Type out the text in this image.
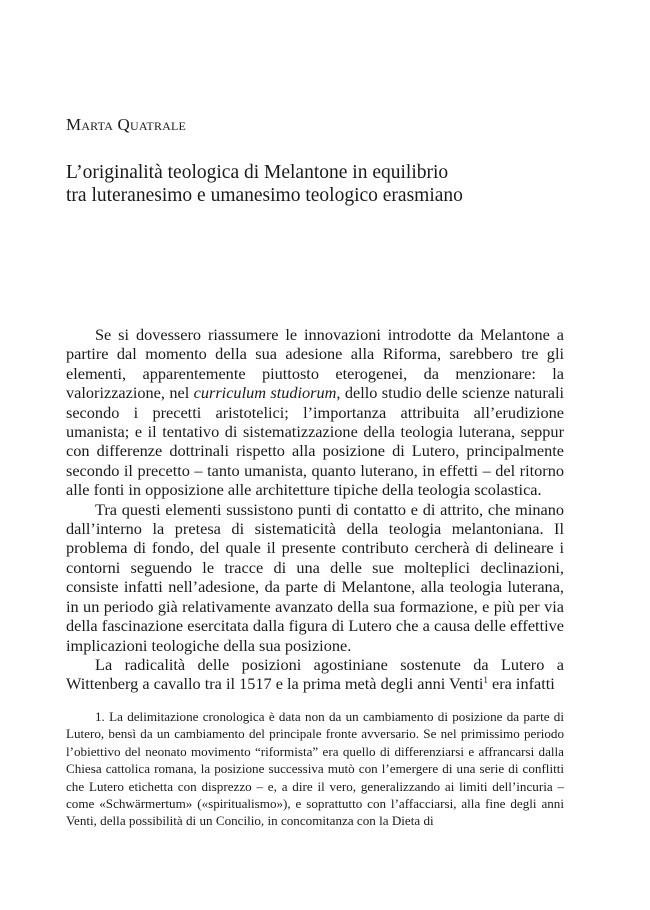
Marta Quatrale
L’originalità teologica di Melantone in equilibrio
tra luteranesimo e umanesimo teologico erasmiano

Se si dovessero riassumere le innovazioni introdotte da Melantone a partire dal momento della sua adesione alla Riforma, sarebbero tre gli elementi, apparentemente piuttosto eterogenei, da menzionare: la valorizzazione, nel curriculum studiorum, dello studio delle scienze naturali secondo i precetti aristotelici; l’importanza attribuita all’erudizione umanista; e il tentativo di sistematizzazione della teologia luterana, seppur con differenze dottrinali rispetto alla posizione di Lutero, principalmente secondo il precetto – tanto umanista, quanto luterano, in effetti – del ritorno alle fonti in opposizione alle architetture tipiche della teologia scolastica.

Tra questi elementi sussistono punti di contatto e di attrito, che minano dall’interno la pretesa di sistematicità della teologia melantoniana. Il problema di fondo, del quale il presente contributo cercherà di delineare i contorni seguendo le tracce di una delle sue molteplici declinazioni, consiste infatti nell’adesione, da parte di Melantone, alla teologia luterana, in un periodo già relativamente avanzato della sua formazione, e più per via della fascinazione esercitata dalla figura di Lutero che a causa delle effettive implicazioni teologiche della sua posizione.

La radicalità delle posizioni agostiniane sostenute da Lutero a Wittenberg a cavallo tra il 1517 e la prima metà degli anni Venti$^1$ era infatti

1. La delimitazione cronologica è data non da un cambiamento di posizione da parte di Lutero, bensì da un cambiamento del principale fronte avversario. Se nel primissimo periodo l’obiettivo del neonato movimento “riformista” era quello di differenziarsi e affrancarsi dalla Chiesa cattolica romana, la posizione successiva mutò con l’emergere di una serie di conflitti che Lutero etichetta con disprezzo – e, a dire il vero, generalizzando ai limiti dell’incuria – come «Schwärmertum» («spiritualismo»), e soprattutto con l’affacciarsi, alla fine degli anni Venti, della possibilità di un Concilio, in concomitanza con la Dieta di
